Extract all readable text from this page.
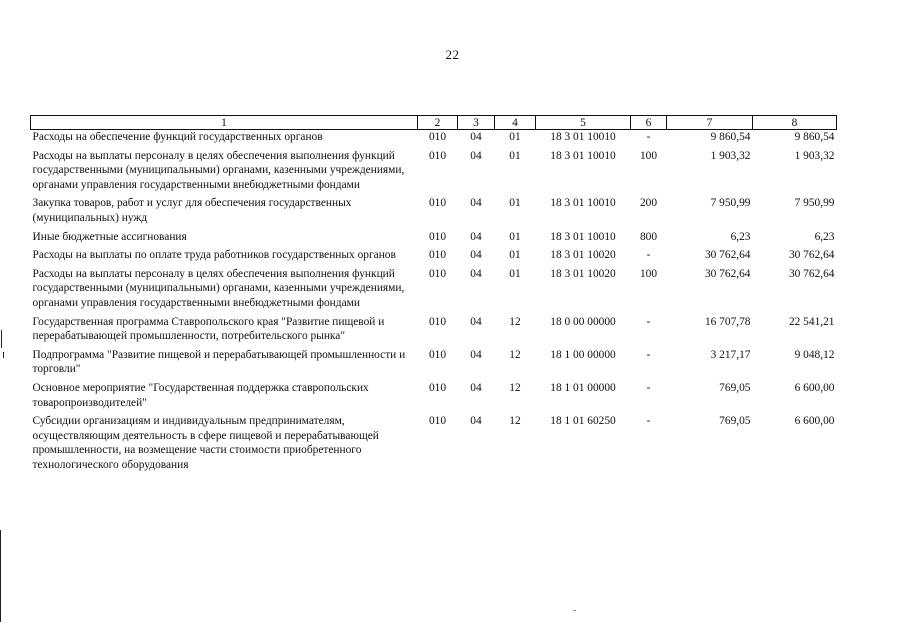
22
1	2	3	4	5	6	7	8
Расходы на обеспечение функций государственных органов	010	04	01	18 3 01 10010	-	9 860,54	9 860,54
Расходы на выплаты персоналу в целях обеспечения выполнения функций государственными (муниципальными) органами, казенными учреждениями, органами управления государственными внебюджетными фондами	010	04	01	18 3 01 10010	100	1 903,32	1 903,32
Закупка товаров, работ и услуг для обеспечения государственных (муниципальных) нужд	010	04	01	18 3 01 10010	200	7 950,99	7 950,99
Иные бюджетные ассигнования	010	04	01	18 3 01 10010	800	6,23	6,23
Расходы на выплаты по оплате труда работников государственных органов	010	04	01	18 3 01 10020	-	30 762,64	30 762,64
Расходы на выплаты персоналу в целях обеспечения выполнения функций государственными (муниципальными) органами, казенными учреждениями, органами управления государственными внебюджетными фондами	010	04	01	18 3 01 10020	100	30 762,64	30 762,64
Государственная программа Ставропольского края "Развитие пищевой и перерабатывающей промышленности, потребительского рынка"	010	04	12	18 0 00 00000	-	16 707,78	22 541,21
Подпрограмма "Развитие пищевой и перерабатывающей промышленности и торговли"	010	04	12	18 1 00 00000	-	3 217,17	9 048,12
Основное мероприятие "Государственная поддержка ставропольских товаропроизводителей"	010	04	12	18 1 01 00000	-	769,05	6 600,00
Субсидии организациям и индивидуальным предпринимателям, осуществляющим деятельность в сфере пищевой и перерабатывающей промышленности, на возмещение части стоимости приобретенного технологического оборудования	010	04	12	18 1 01 60250	-	769,05	6 600,00
